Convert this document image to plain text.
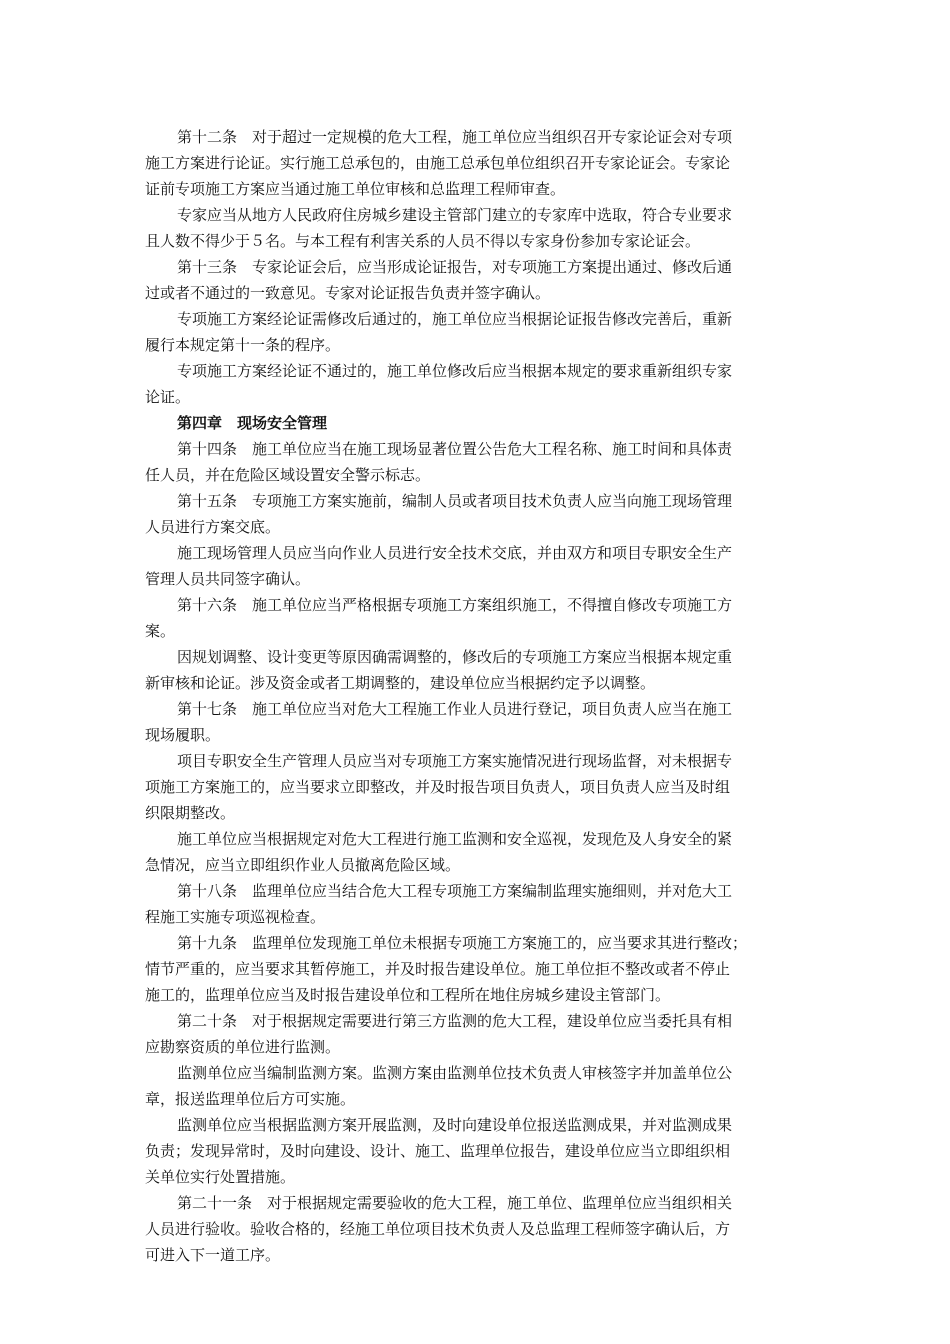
第十二条　对于超过一定规模的危大工程，施工单位应当组织召开专家论证会对专项
施工方案进行论证。实行施工总承包的，由施工总承包单位组织召开专家论证会。专家论
证前专项施工方案应当通过施工单位审核和总监理工程师审查。
专家应当从地方人民政府住房城乡建设主管部门建立的专家库中选取，符合专业要求
且人数不得少于５名。与本工程有利害关系的人员不得以专家身份参加专家论证会。
第十三条　专家论证会后，应当形成论证报告，对专项施工方案提出通过、修改后通
过或者不通过的一致意见。专家对论证报告负责并签字确认。
专项施工方案经论证需修改后通过的，施工单位应当根据论证报告修改完善后，重新
履行本规定第十一条的程序。
专项施工方案经论证不通过的，施工单位修改后应当根据本规定的要求重新组织专家
论证。
第四章　现场安全管理
第十四条　施工单位应当在施工现场显著位置公告危大工程名称、施工时间和具体责
任人员，并在危险区域设置安全警示标志。
第十五条　专项施工方案实施前，编制人员或者项目技术负责人应当向施工现场管理
人员进行方案交底。
施工现场管理人员应当向作业人员进行安全技术交底，并由双方和项目专职安全生产
管理人员共同签字确认。
第十六条　施工单位应当严格根据专项施工方案组织施工，不得擅自修改专项施工方
案。
因规划调整、设计变更等原因确需调整的，修改后的专项施工方案应当根据本规定重
新审核和论证。涉及资金或者工期调整的，建设单位应当根据约定予以调整。
第十七条　施工单位应当对危大工程施工作业人员进行登记，项目负责人应当在施工
现场履职。
项目专职安全生产管理人员应当对专项施工方案实施情况进行现场监督，对未根据专
项施工方案施工的，应当要求立即整改，并及时报告项目负责人，项目负责人应当及时组
织限期整改。
施工单位应当根据规定对危大工程进行施工监测和安全巡视，发现危及人身安全的紧
急情况，应当立即组织作业人员撤离危险区域。
第十八条　监理单位应当结合危大工程专项施工方案编制监理实施细则，并对危大工
程施工实施专项巡视检查。
第十九条　监理单位发现施工单位未根据专项施工方案施工的，应当要求其进行整改；
情节严重的，应当要求其暂停施工，并及时报告建设单位。施工单位拒不整改或者不停止
施工的，监理单位应当及时报告建设单位和工程所在地住房城乡建设主管部门。
第二十条　对于根据规定需要进行第三方监测的危大工程，建设单位应当委托具有相
应勘察资质的单位进行监测。
监测单位应当编制监测方案。监测方案由监测单位技术负责人审核签字并加盖单位公
章，报送监理单位后方可实施。
监测单位应当根据监测方案开展监测，及时向建设单位报送监测成果，并对监测成果
负责；发现异常时，及时向建设、设计、施工、监理单位报告，建设单位应当立即组织相
关单位实行处置措施。
第二十一条　对于根据规定需要验收的危大工程，施工单位、监理单位应当组织相关
人员进行验收。验收合格的，经施工单位项目技术负责人及总监理工程师签字确认后，方
可进入下一道工序。
